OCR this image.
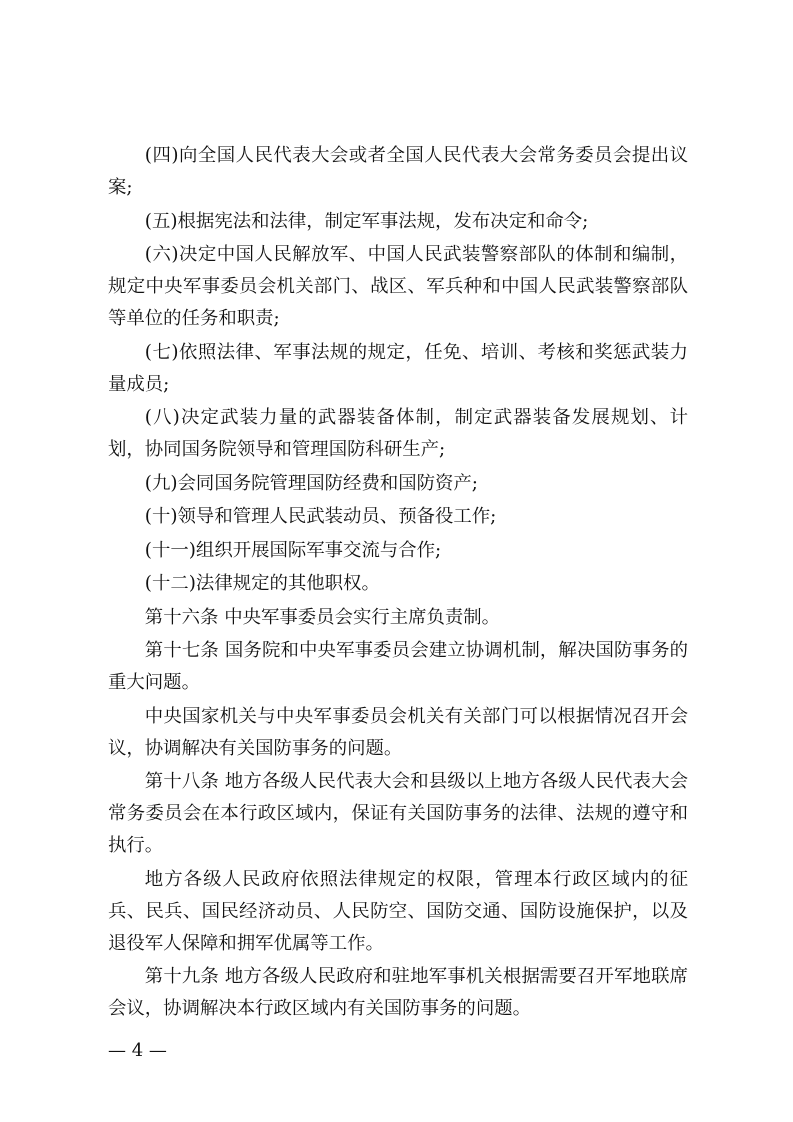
(四)向全国人民代表大会或者全国人民代表大会常务委员会提出议案;

(五)根据宪法和法律，制定军事法规，发布决定和命令;

(六)决定中国人民解放军、中国人民武装警察部队的体制和编制，规定中央军事委员会机关部门、战区、军兵种和中国人民武装警察部队等单位的任务和职责;

(七)依照法律、军事法规的规定，任免、培训、考核和奖惩武装力量成员;

(八)决定武装力量的武器装备体制，制定武器装备发展规划、计划，协同国务院领导和管理国防科研生产;

(九)会同国务院管理国防经费和国防资产;

(十)领导和管理人民武装动员、预备役工作;

(十一)组织开展国际军事交流与合作;

(十二)法律规定的其他职权。

第十六条 中央军事委员会实行主席负责制。

第十七条 国务院和中央军事委员会建立协调机制，解决国防事务的重大问题。

中央国家机关与中央军事委员会机关有关部门可以根据情况召开会议，协调解决有关国防事务的问题。

第十八条 地方各级人民代表大会和县级以上地方各级人民代表大会常务委员会在本行政区域内，保证有关国防事务的法律、法规的遵守和执行。

地方各级人民政府依照法律规定的权限，管理本行政区域内的征兵、民兵、国民经济动员、人民防空、国防交通、国防设施保护，以及退役军人保障和拥军优属等工作。

第十九条 地方各级人民政府和驻地军事机关根据需要召开军地联席会议，协调解决本行政区域内有关国防事务的问题。

— 4 —
